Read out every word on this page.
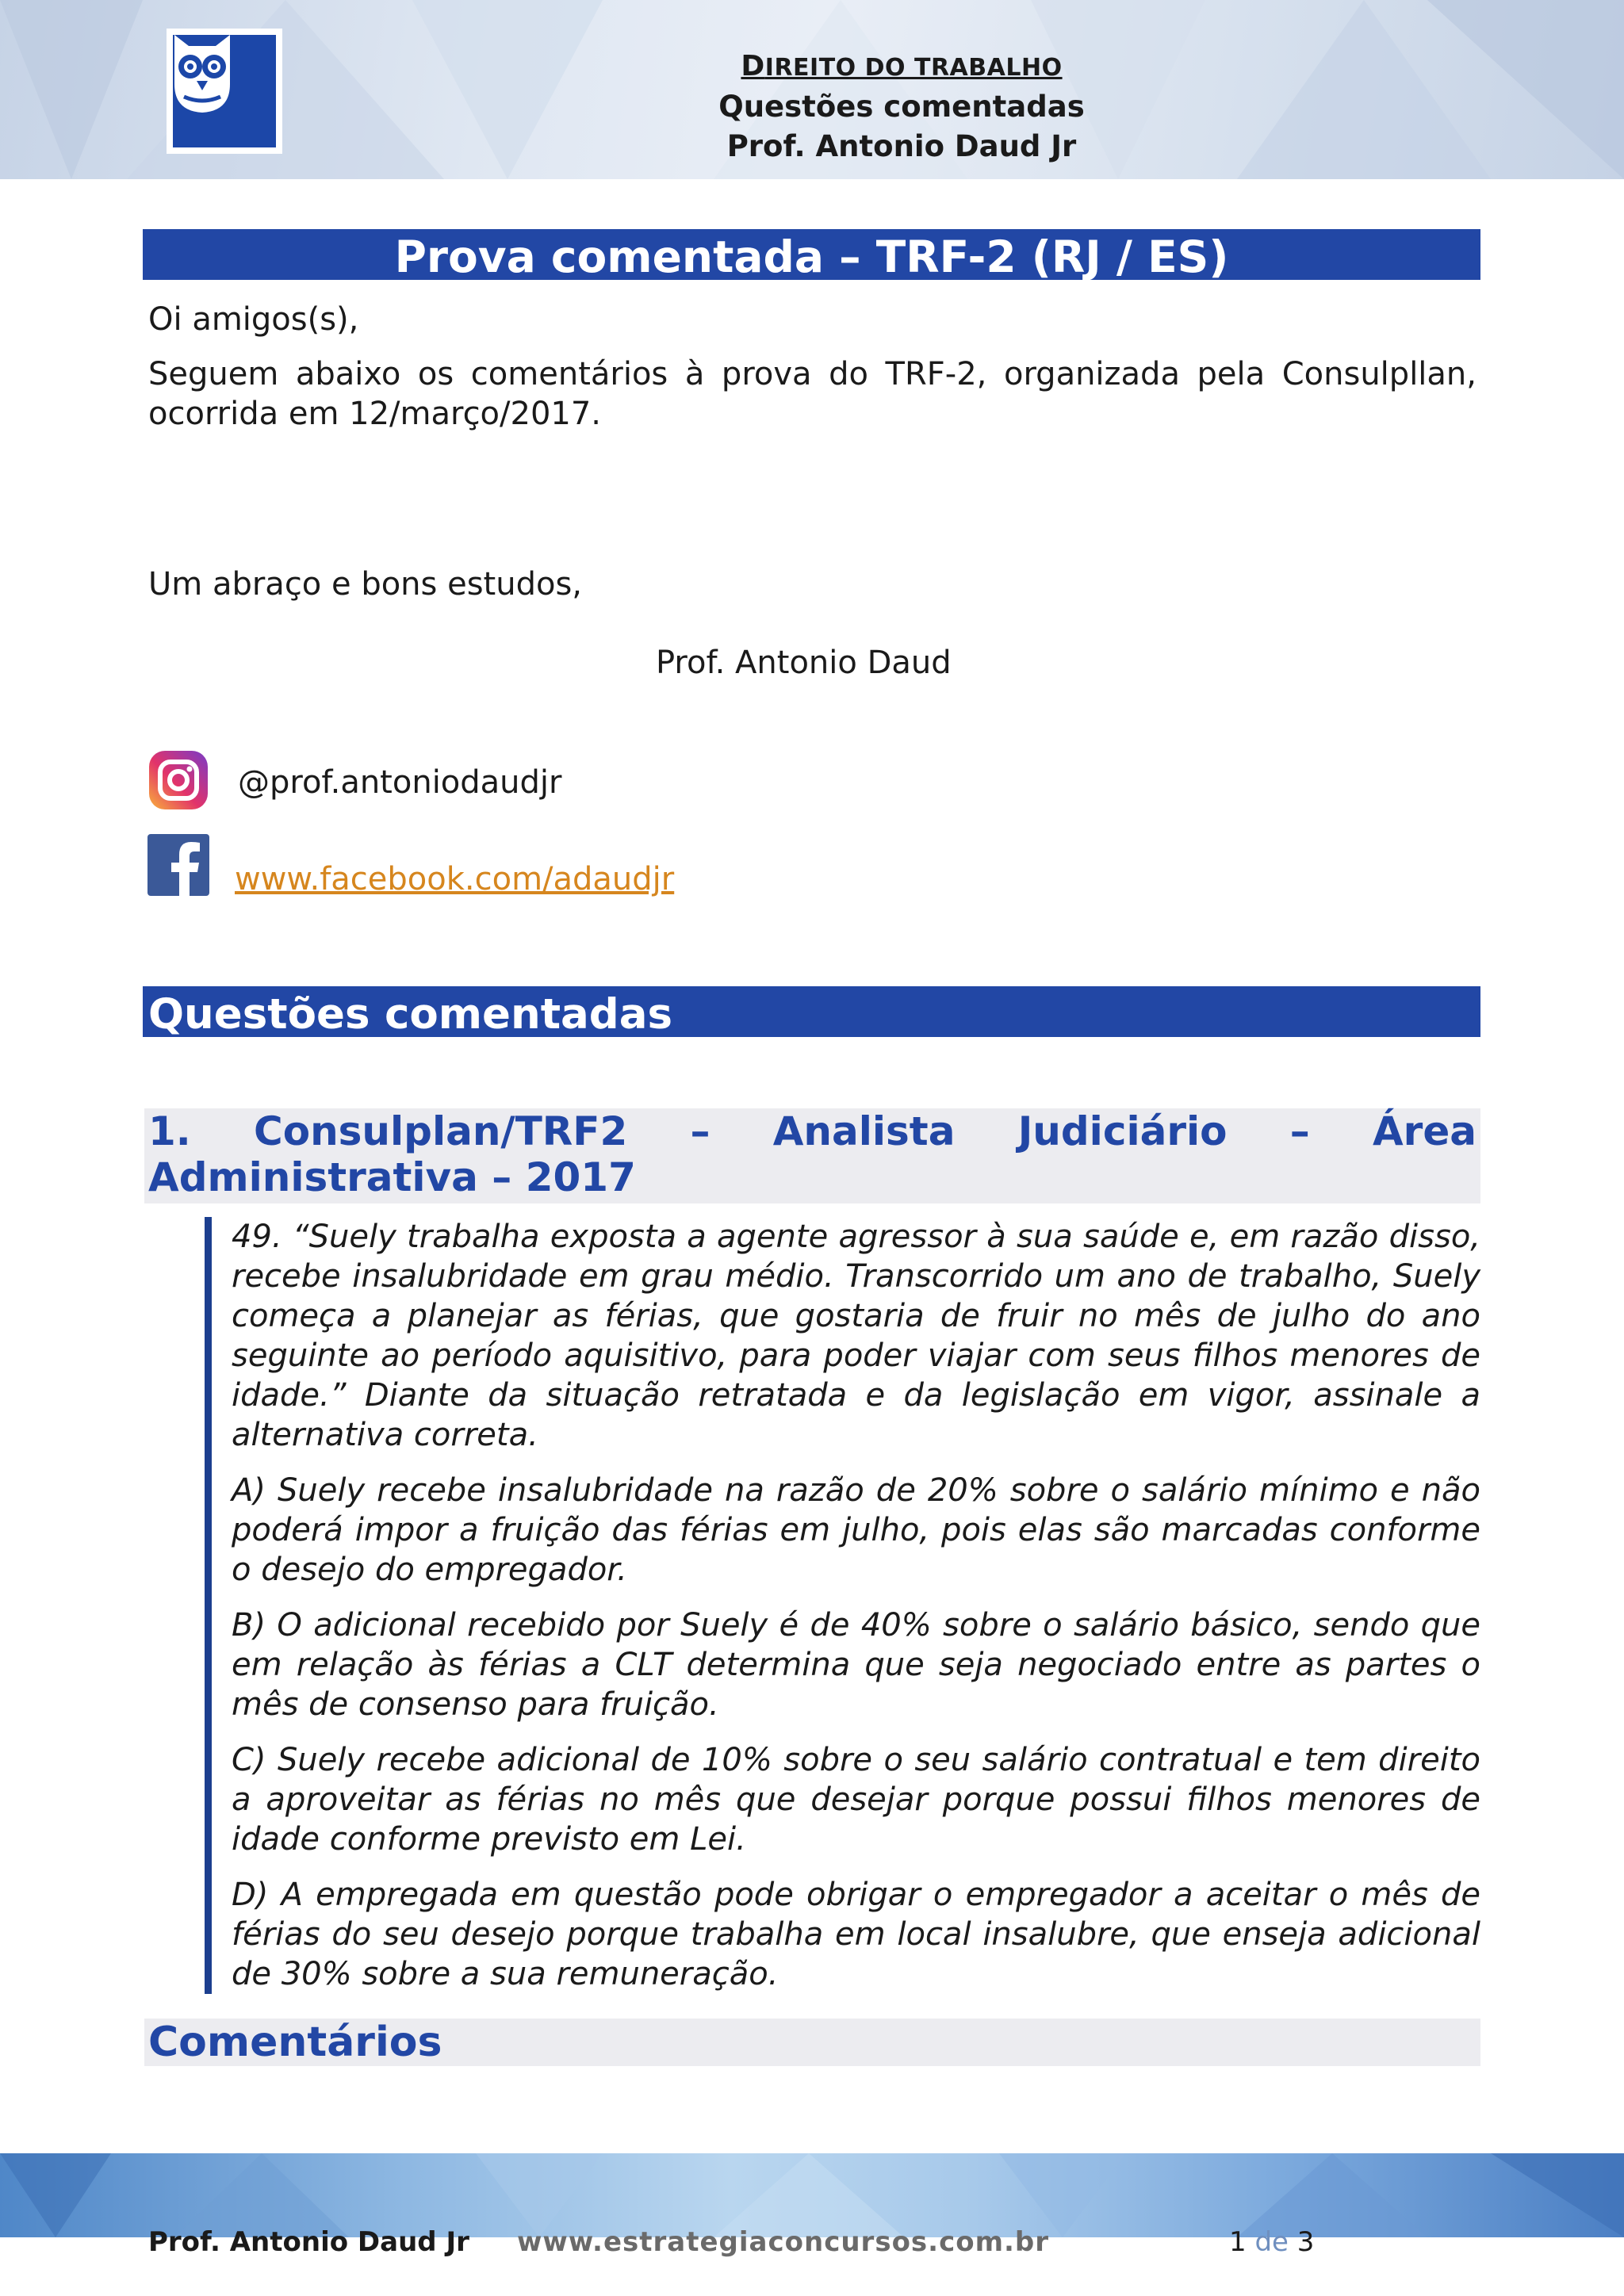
DIREITO DO TRABALHO
Questões comentadas
Prof. Antonio Daud Jr
Prova comentada – TRF-2 (RJ / ES)
Oi amigos(s),
Seguem abaixo os comentários à prova do TRF-2, organizada pela Consulpllan, ocorrida em 12/março/2017.
Um abraço e bons estudos,
Prof. Antonio Daud
@prof.antoniodaudjr
www.facebook.com/adaudjr
Questões comentadas
1. Consulplan/TRF2 – Analista Judiciário – Área Administrativa – 2017

49. “Suely trabalha exposta a agente agressor à sua saúde e, em razão disso, recebe insalubridade em grau médio. Transcorrido um ano de trabalho, Suely começa a planejar as férias, que gostaria de fruir no mês de julho do ano seguinte ao período aquisitivo, para poder viajar com seus filhos menores de idade.” Diante da situação retratada e da legislação em vigor, assinale a alternativa correta.

A) Suely recebe insalubridade na razão de 20% sobre o salário mínimo e não poderá impor a fruição das férias em julho, pois elas são marcadas conforme o desejo do empregador.

B) O adicional recebido por Suely é de 40% sobre o salário básico, sendo que em relação às férias a CLT determina que seja negociado entre as partes o mês de consenso para fruição.

C) Suely recebe adicional de 10% sobre o seu salário contratual e tem direito a aproveitar as férias no mês que desejar porque possui filhos menores de idade conforme previsto em Lei.

D) A empregada em questão pode obrigar o empregador a aceitar o mês de férias do seu desejo porque trabalha em local insalubre, que enseja adicional de 30% sobre a sua remuneração.

Comentários
Prof. Antonio Daud Jr www.estrategiaconcursos.com.br	1 de 3
